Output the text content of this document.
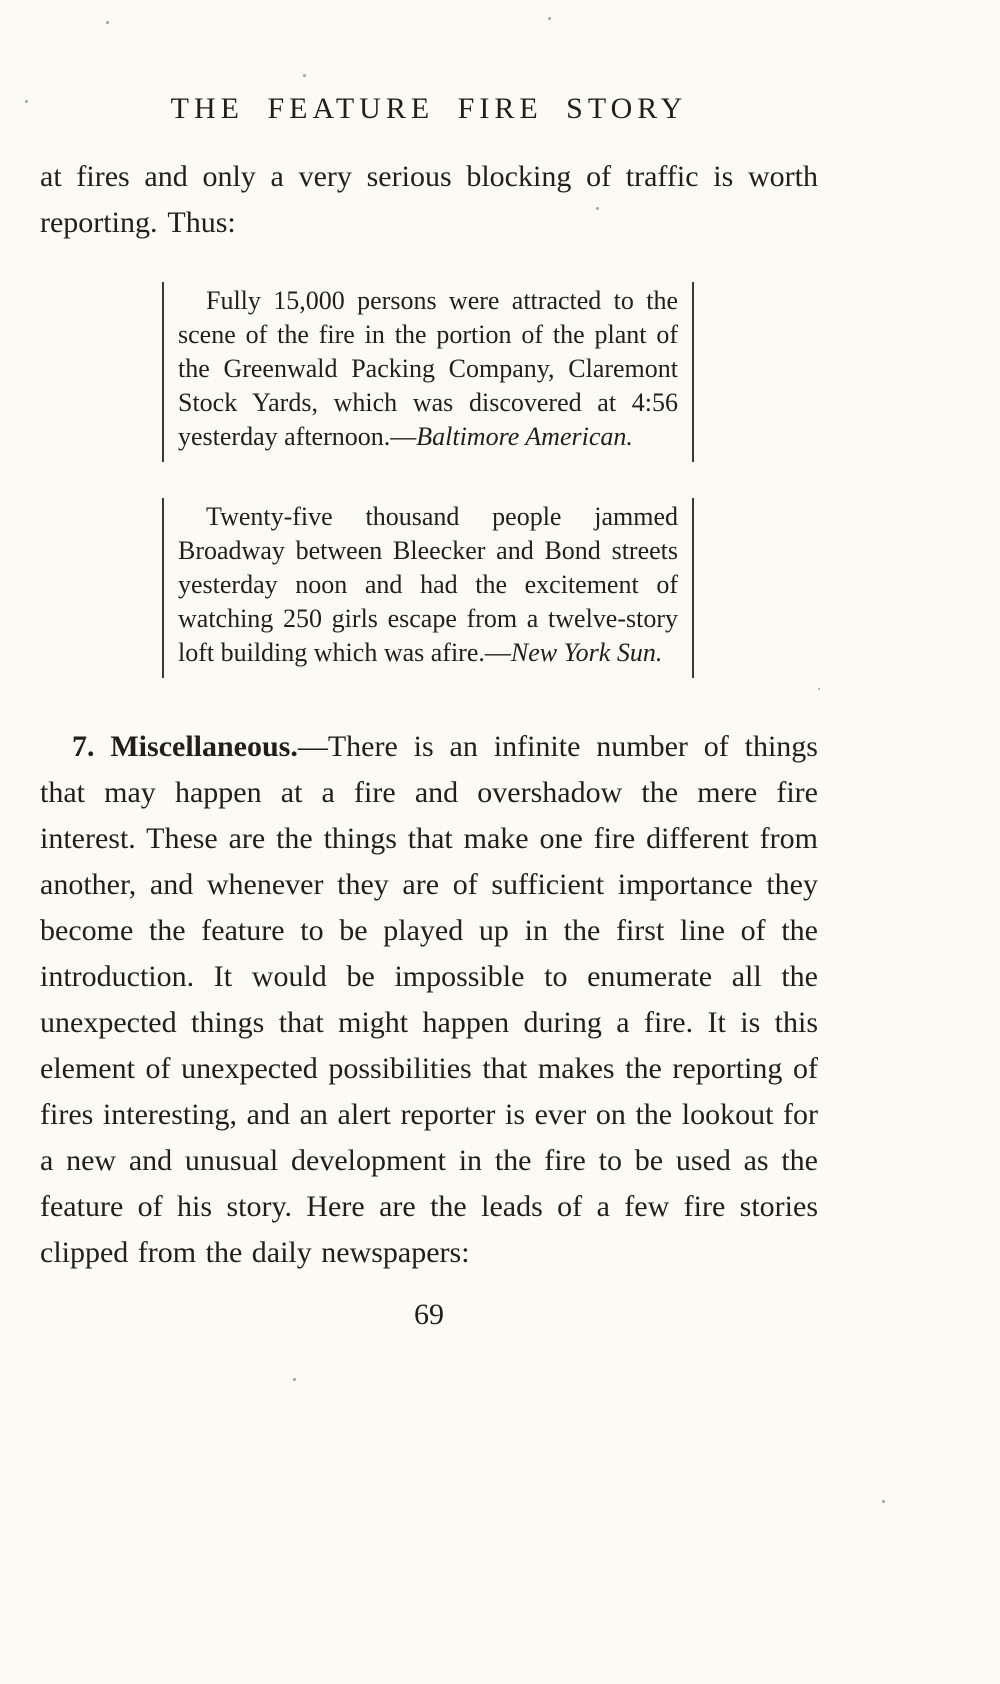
THE FEATURE FIRE STORY

at fires and only a very serious blocking of traffic is worth reporting. Thus:

Fully 15,000 persons were attracted to the scene of the fire in the portion of the plant of the Greenwald Packing Company, Claremont Stock Yards, which was discovered at 4:56 yesterday afternoon.—Baltimore American.

Twenty-five thousand people jammed Broadway between Bleecker and Bond streets yesterday noon and had the excitement of watching 250 girls escape from a twelve-story loft building which was afire.—New York Sun.

7. Miscellaneous.—There is an infinite number of things that may happen at a fire and overshadow the mere fire interest. These are the things that make one fire different from another, and whenever they are of sufficient importance they become the feature to be played up in the first line of the introduction. It would be impossible to enumerate all the unexpected things that might happen during a fire. It is this element of unexpected possibilities that makes the reporting of fires interesting, and an alert reporter is ever on the lookout for a new and unusual development in the fire to be used as the feature of his story. Here are the leads of a few fire stories clipped from the daily newspapers:

69
